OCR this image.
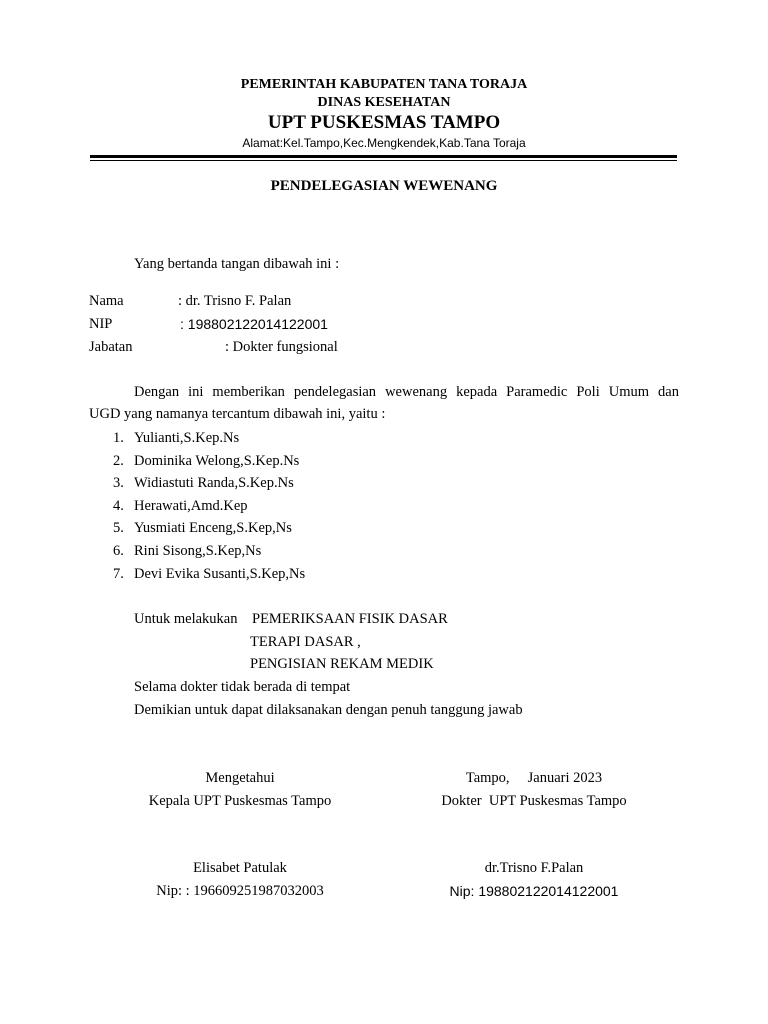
PEMERINTAH KABUPATEN TANA TORAJA
DINAS KESEHATAN
UPT PUSKESMAS TAMPO
Alamat:Kel.Tampo,Kec.Mengkendek,Kab.Tana Toraja
PENDELEGASIAN WEWENANG
Yang bertanda tangan dibawah ini :
Nama	: dr. Trisno F. Palan
NIP	: 198802122014122001
Jabatan	: Dokter fungsional
Dengan ini memberikan pendelegasian wewenang kepada Paramedic Poli Umum dan
UGD yang namanya tercantum dibawah ini, yaitu :
1. Yulianti,S.Kep.Ns
2. Dominika Welong,S.Kep.Ns
3. Widiastuti Randa,S.Kep.Ns
4. Herawati,Amd.Kep
5. Yusmiati Enceng,S.Kep,Ns
6. Rini Sisong,S.Kep,Ns
7. Devi Evika Susanti,S.Kep,Ns
Untuk melakukan PEMERIKSAAN FISIK DASAR
TERAPI DASAR ,
PENGISIAN REKAM MEDIK
Selama dokter tidak berada di tempat
Demikian untuk dapat dilaksanakan dengan penuh tanggung jawab
Mengetahui
Kepala UPT Puskesmas Tampo
Elisabet Patulak
Nip: : 196609251987032003
Tampo,     Januari 2023
Dokter  UPT Puskesmas Tampo
dr.Trisno F.Palan
Nip: 198802122014122001
